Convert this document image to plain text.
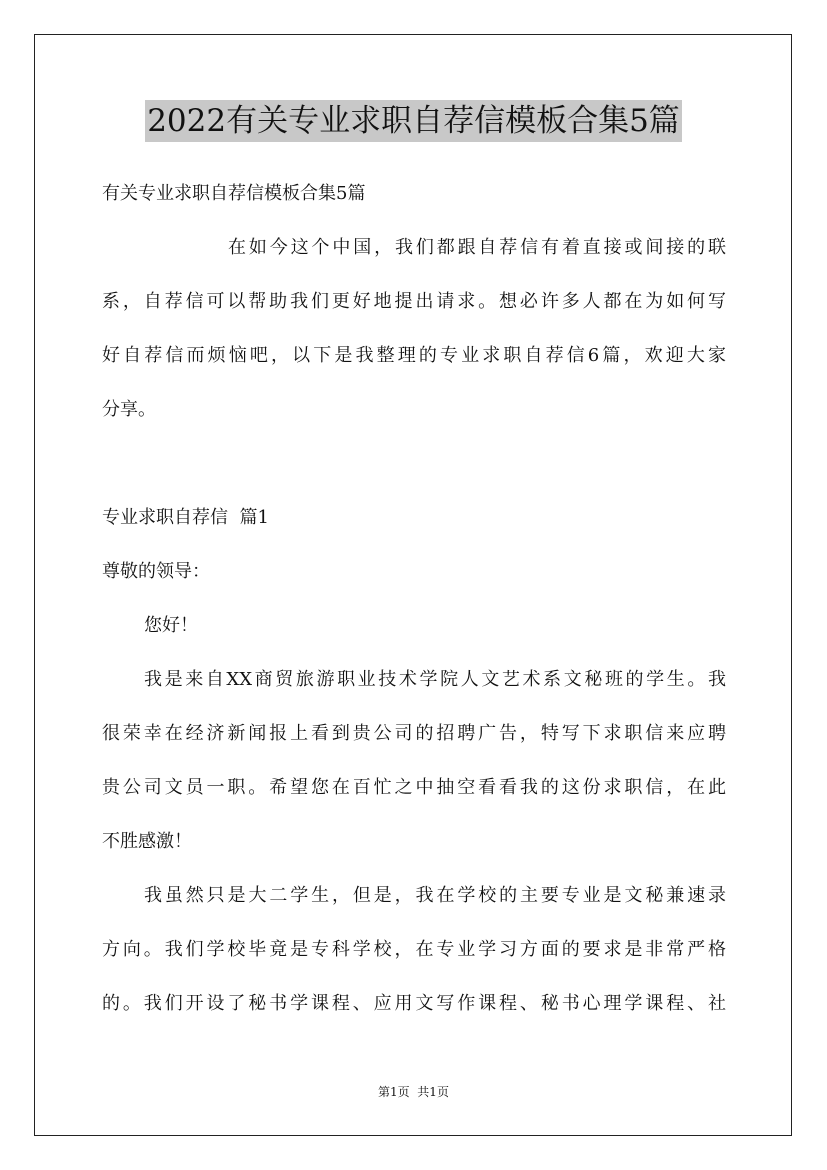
2022有关专业求职自荐信模板合集5篇
有关专业求职自荐信模板合集5篇
在如今这个中国，我们都跟自荐信有着直接或间接的联
系，自荐信可以帮助我们更好地提出请求。想必许多人都在为如何写
好自荐信而烦恼吧，以下是我整理的专业求职自荐信6篇，欢迎大家
分享。
专业求职自荐信  篇1
尊敬的领导：
您好！
我是来自XX商贸旅游职业技术学院人文艺术系文秘班的学生。我
很荣幸在经济新闻报上看到贵公司的招聘广告，特写下求职信来应聘
贵公司文员一职。希望您在百忙之中抽空看看我的这份求职信，在此
不胜感激！
我虽然只是大二学生，但是，我在学校的主要专业是文秘兼速录
方向。我们学校毕竟是专科学校，在专业学习方面的要求是非常严格
的。我们开设了秘书学课程、应用文写作课程、秘书心理学课程、社
第1页  共1页
